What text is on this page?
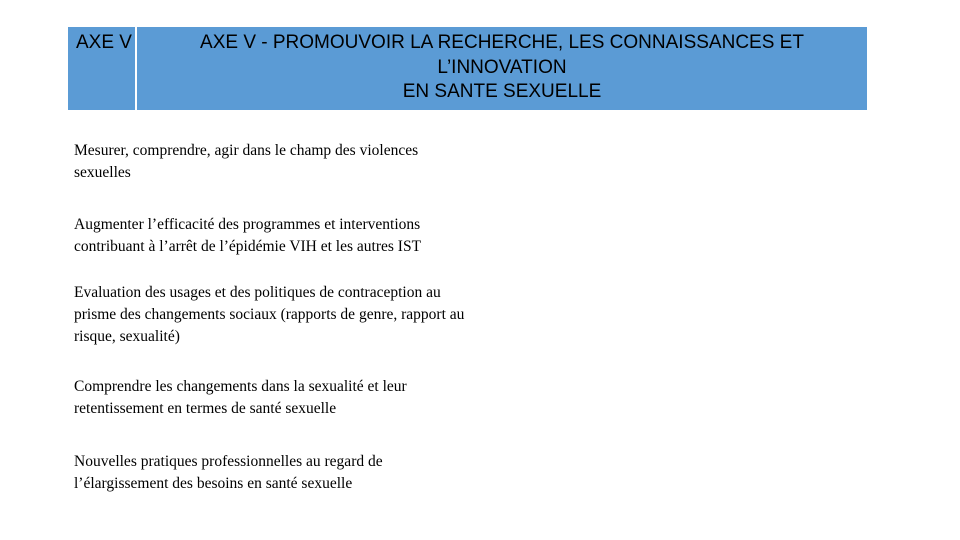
AXE V	AXE V - PROMOUVOIR LA RECHERCHE, LES CONNAISSANCES ET
L’INNOVATION
EN SANTE SEXUELLE
Mesurer, comprendre, agir dans le champ des violences
sexuelles
Augmenter l’efficacité des programmes et interventions
contribuant à l’arrêt de l’épidémie VIH et les autres IST
Evaluation des usages et des politiques de contraception au
prisme des changements sociaux (rapports de genre, rapport au
risque, sexualité)
Comprendre les changements dans la sexualité et leur
retentissement en termes de santé sexuelle
Nouvelles pratiques professionnelles au regard de
l’élargissement des besoins en santé sexuelle
